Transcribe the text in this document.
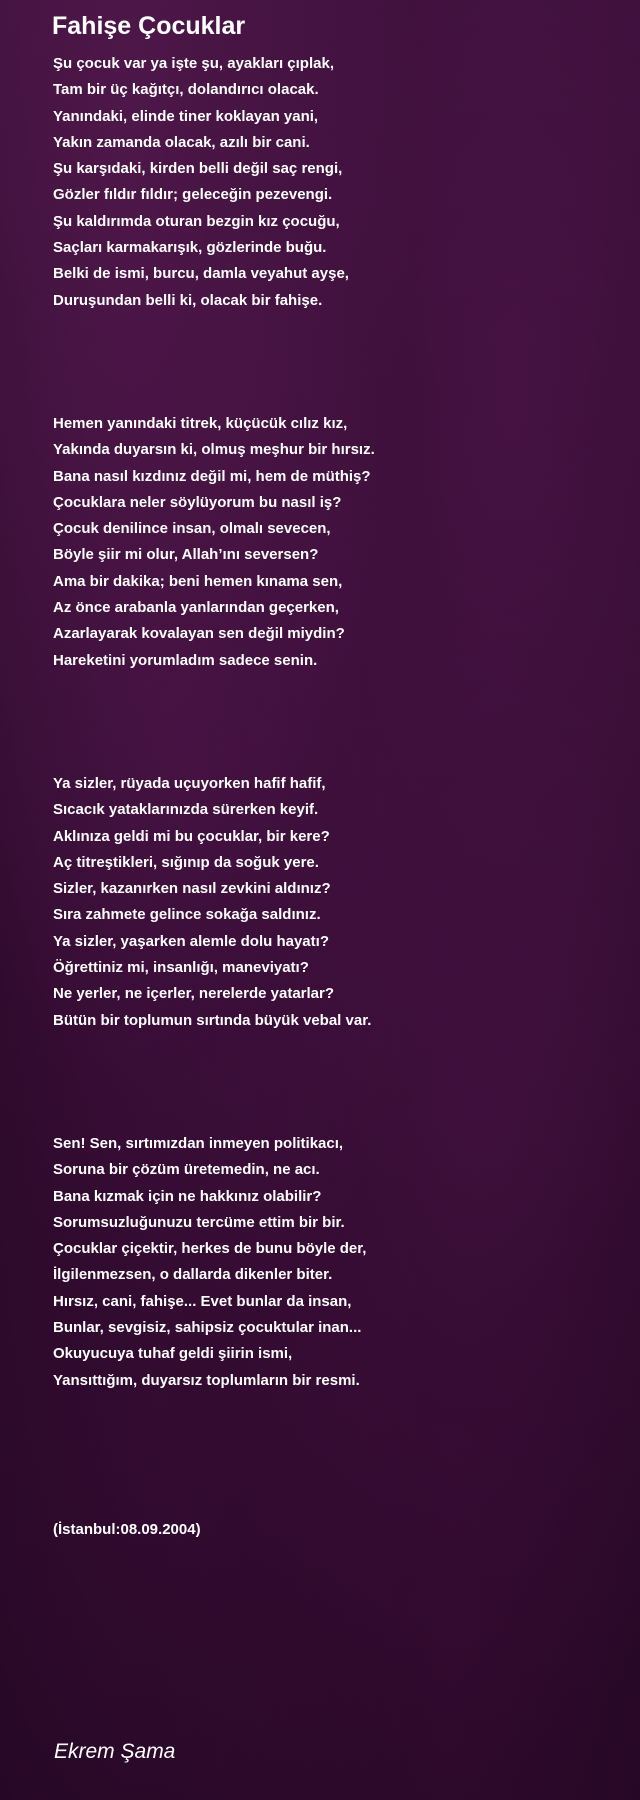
Fahişe Çocuklar
Şu çocuk var ya işte şu, ayakları çıplak,
Tam bir üç kağıtçı, dolandırıcı olacak.
Yanındaki, elinde tiner koklayan yani,
Yakın zamanda olacak, azılı bir cani.
Şu karşıdaki, kirden belli değil saç rengi,
Gözler fıldır fıldır; geleceğin pezevengi.
Şu kaldırımda oturan bezgin kız çocuğu,
Saçları karmakarışık, gözlerinde buğu.
Belki de ismi, burcu, damla veyahut ayşe,
Duruşundan belli ki, olacak bir fahişe.
Hemen yanındaki titrek, küçücük cılız kız,
Yakında duyarsın ki, olmuş meşhur bir hırsız.
Bana nasıl kızdınız değil mi, hem de müthiş?
Çocuklara neler söylüyorum bu nasıl iş?
Çocuk denilince insan, olmalı sevecen,
Böyle şiir mi olur, Allah’ını seversen?
Ama bir dakika; beni hemen kınama sen,
Az önce arabanla yanlarından geçerken,
Azarlayarak kovalayan sen değil miydin?
Hareketini yorumladım sadece senin.
Ya sizler, rüyada uçuyorken hafif hafif,
Sıcacık yataklarınızda sürerken keyif.
Aklınıza geldi mi bu çocuklar, bir kere?
Aç titreştikleri, sığınıp da soğuk yere.
Sizler, kazanırken nasıl zevkini aldınız?
Sıra zahmete gelince sokağa saldınız.
Ya sizler, yaşarken alemle dolu hayatı?
Öğrettiniz mi, insanlığı, maneviyatı?
Ne yerler, ne içerler, nerelerde yatarlar?
Bütün bir toplumun sırtında büyük vebal var.
Sen! Sen, sırtımızdan inmeyen politikacı,
Soruna bir çözüm üretemedin, ne acı.
Bana kızmak için ne hakkınız olabilir?
Sorumsuzluğunuzu tercüme ettim bir bir.
Çocuklar çiçektir, herkes de bunu böyle der,
İlgilenmezsen, o dallarda dikenler biter.
Hırsız, cani, fahişe... Evet bunlar da insan,
Bunlar, sevgisiz, sahipsiz çocuktular inan...
Okuyucuya tuhaf geldi şiirin ismi,
Yansıttığım, duyarsız toplumların bir resmi.
(İstanbul:08.09.2004)
Ekrem Şama
